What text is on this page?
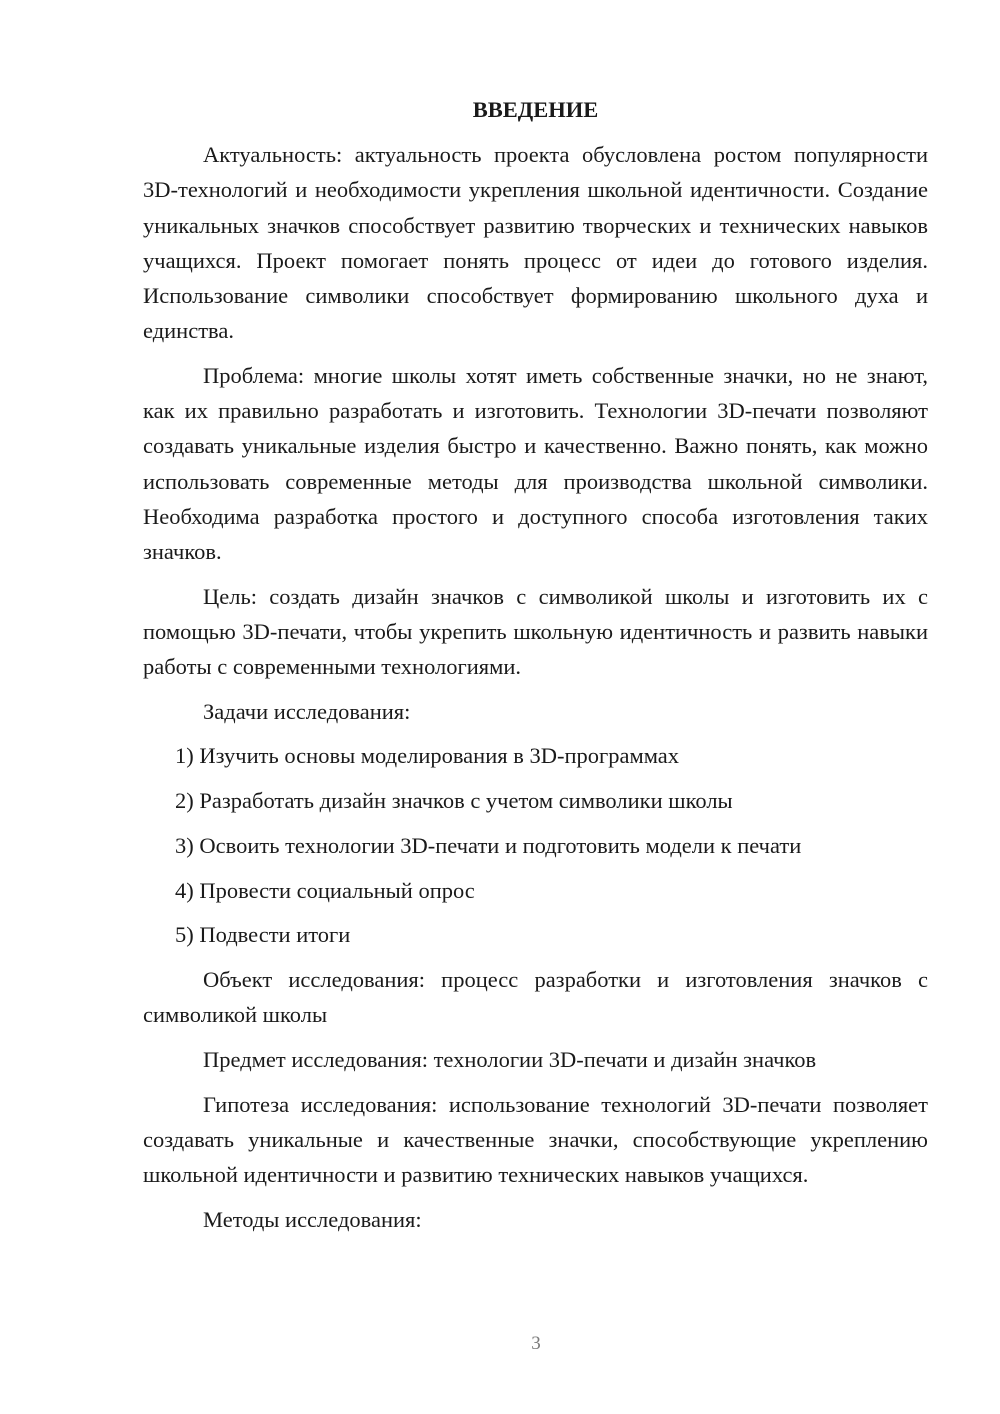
ВВЕДЕНИЕ

Актуальность: актуальность проекта обусловлена ростом популярности 3D-технологий и необходимости укрепления школьной идентичности. Создание уникальных значков способствует развитию творческих и технических навыков учащихся. Проект помогает понять процесс от идеи до готового изделия. Использование символики способствует формированию школьного духа и единства.

Проблема: многие школы хотят иметь собственные значки, но не знают, как их правильно разработать и изготовить. Технологии 3D-печати позволяют создавать уникальные изделия быстро и качественно. Важно понять, как можно использовать современные методы для производства школьной символики. Необходима разработка простого и доступного способа изготовления таких значков.

Цель: создать дизайн значков с символикой школы и изготовить их с помощью 3D-печати, чтобы укрепить школьную идентичность и развить навыки работы с современными технологиями.

Задачи исследования:

1) Изучить основы моделирования в 3D-программах

2) Разработать дизайн значков с учетом символики школы

3) Освоить технологии 3D-печати и подготовить модели к печати

4) Провести социальный опрос

5) Подвести итоги

Объект исследования: процесс разработки и изготовления значков с символикой школы

Предмет исследования: технологии 3D-печати и дизайн значков

Гипотеза исследования: использование технологий 3D-печати позволяет создавать уникальные и качественные значки, способствующие укреплению школьной идентичности и развитию технических навыков учащихся.

Методы исследования:

3
